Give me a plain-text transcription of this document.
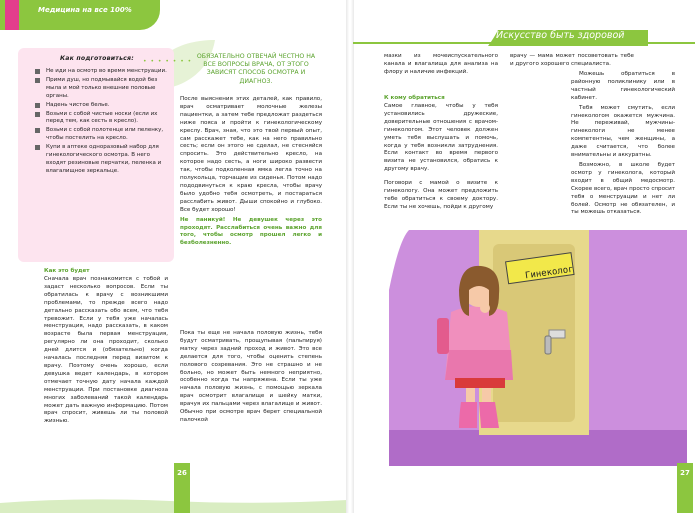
Медицина на все 100%
Как подготовиться: • • • • • • •
Не иди на осмотр во время менструации.
Прими душ, но подмывайся водой без мыла и мой только внешние половые органы.
Надень чистое белье.
Возьми с собой чистые носки (если их перед тем, как сесть в кресло).
Возьми с собой полотенце или пеленку, чтобы постелить на кресло.
Купи в аптеке одноразовый набор для гинекологического осмотра. В него входят резиновые перчатки, пеленка и влагалищное зеркальце.
Как это будет
Сначала врач познакомится с тобой и задаст несколько вопросов. Если ты обратилась к врачу с возникшими проблемами, то прежде всего надо детально рассказать обо всем, что тебя тревожит. Если у тебя уже началась менструация, надо рассказать, в каком возрасте была первая менструация, регулярно ли она проходит, сколько дней длится и (обязательно) когда началась последняя перед визитом к врачу. Поэтому очень хорошо, если девушка ведет календарь, в котором отмечает точную дату начала каждой менструации. При постановке диагноза многих заболеваний такой календарь может дать важную информацию. Потом врач спросит, живешь ли ты половой жизнью.
ОБЯЗАТЕЛЬНО ОТВЕЧАЙ ЧЕСТНО НА ВСЕ ВОПРОСЫ ВРАЧА, ОТ ЭТОГО ЗАВИСЯТ СПОСОБ ОСМОТРА И ДИАГНОЗ.
После выяснения этих деталей, как правило, врач осматривает молочные железы пациентки, а затем тебе предложат раздеться ниже пояса и пройти к гинекологическому креслу. Врач, зная, что это твой первый опыт, сам расскажет тебе, как на него правильно сесть; если он этого не сделал, не стесняйся спросить. Это действительно кресло, на которое надо сесть, а ноги широко развести так, чтобы подколенная ямка легла точно на полукольца, торчащие из сиденья. Потом надо пододвинуться к краю кресла, чтобы врачу было удобно тебя осмотреть, и постараться расслабить живот. Дыши спокойно и глубоко. Все будет хорошо!
Не паникуй! Не девушек через это проходят. Расслабиться очень важно для того, чтобы осмотр прошел легко и безболезненно.
Пока ты еще не начала половую жизнь, тебя будут осматривать, прощупывая (пальпируя) матку через задний проход и живот. Это все делается для того, чтобы оценить степень полового созревания. Это не страшно и не больно, но может быть немного неприятно, особенно когда ты напряжена. Если ты уже начала половую жизнь, с помощью зеркала врач осмотрит влагалище и шейку матки, врачуя их пальцами через влагалище и живот. Обычно при осмотре врач берет специальной палочкой
26
Искусство быть здоровой
мазки из мочеиспускательного канала и влагалища для анализа на флору и наличие инфекций.
К кому обратиться
Самое главное, чтобы у тебя установились дружеские, доверительные отношения с врачом-гинекологом. Этот человек должен уметь тебя выслушать и помочь, когда у тебя возникли затруднения. Если контакт во время первого визита не установился, обратись к другому врачу.
Поговори с мамой о визите к гинекологу. Она может предложить тебе обратиться к своему доктору. Если ты не хочешь, пойди к другому
врачу — мама может посоветовать тебе и другого хорошего специалиста.

Можешь обратиться в районную поликлинику или в частный гинекологический кабинет.

Тебя может смутить, если гинекологом окажется мужчина. Не переживай, мужчины-гинекологи не менее компетентны, чем женщины, а даже считается, что более внимательны и аккуратны.

Возможно, в школе будет осмотр у гинеколога, который входит в общий медосмотр. Скорее всего, врач просто спросит тебя о менструации и нет ли болей. Осмотр не обязателен, и ты можешь отказаться.

Гинеколог
27
